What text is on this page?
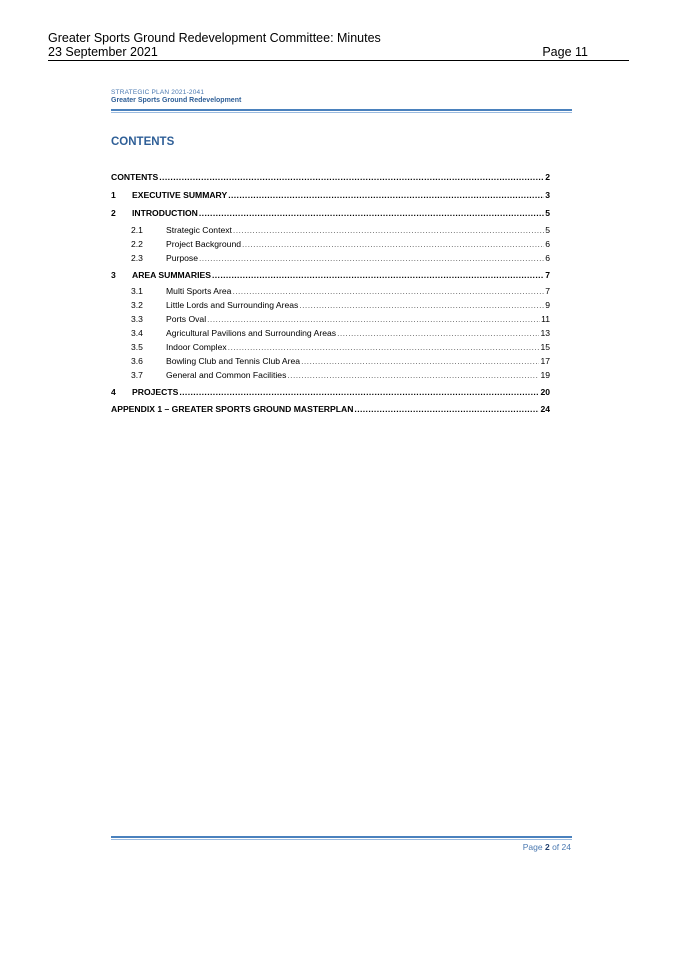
Greater Sports Ground Redevelopment Committee: Minutes
23 September 2021	Page 11
STRATEGIC PLAN 2021-2041
Greater Sports Ground Redevelopment
CONTENTS
CONTENTS .....	2
1	EXECUTIVE SUMMARY .....	3
2	INTRODUCTION .....	5
2.1	Strategic Context .....	5
2.2	Project Background .....	6
2.3	Purpose .....	6
3	AREA SUMMARIES .....	7
3.1	Multi Sports Area .....	7
3.2	Little Lords and Surrounding Areas .....	9
3.3	Ports Oval .....	11
3.4	Agricultural Pavilions and Surrounding Areas .....	13
3.5	Indoor Complex .....	15
3.6	Bowling Club and Tennis Club Area .....	17
3.7	General and Common Facilities .....	19
4	PROJECTS .....	20
APPENDIX 1 – GREATER SPORTS GROUND MASTERPLAN .....	24
Page 2 of 24
